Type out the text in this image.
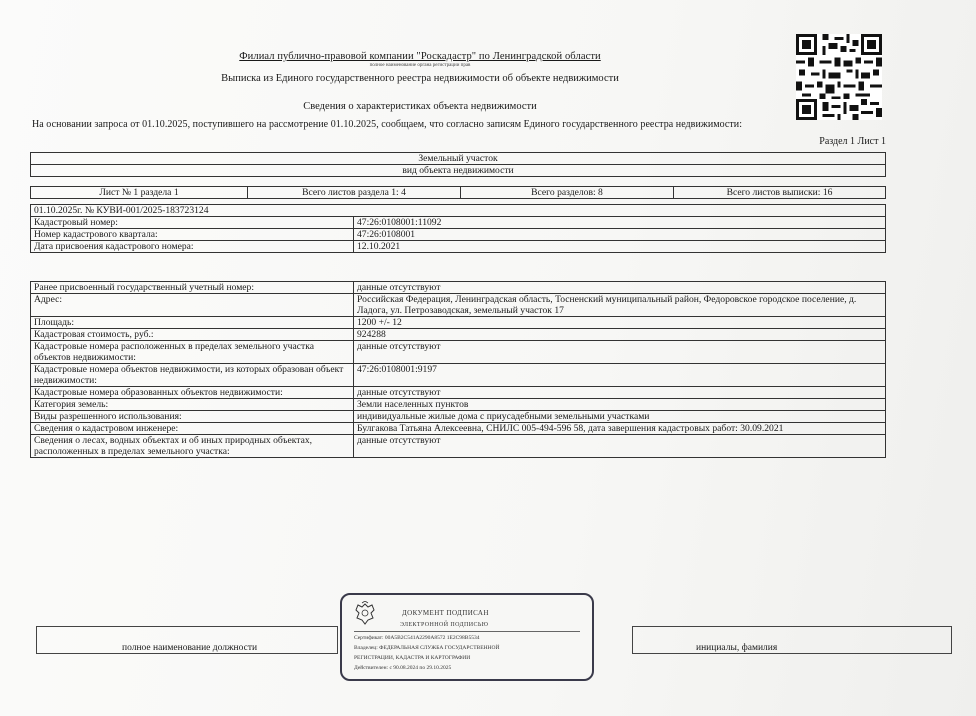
Филиал публично-правовой компании "Роскадастр" по Ленинградской области
полное наименование органа регистрации прав
Выписка из Единого государственного реестра недвижимости об объекте недвижимости
Сведения о характеристиках объекта недвижимости
На основании запроса от 01.10.2025, поступившего на рассмотрение 01.10.2025, сообщаем, что согласно записям Единого государственного реестра недвижимости:
Раздел 1 Лист 1
Земельный участок
вид объекта недвижимости
Лист № 1 раздела 1	Всего листов раздела 1: 4	Всего разделов: 8	Всего листов выписки: 16
01.10.2025г. № КУВИ-001/2025-183723124	
Кадастровый номер:	47:26:0108001:11092
Номер кадастрового квартала:	47:26:0108001
Дата присвоения кадастрового номера:	12.10.2021
Ранее присвоенный государственный учетный номер:	данные отсутствуют
Адрес:	Российская Федерация, Ленинградская область, Тосненский муниципальный район, Федоровское городское поселение, д. Ладога, ул. Петрозаводская, земельный участок 17
Площадь:	1200 +/- 12
Кадастровая стоимость, руб.:	924288
Кадастровые номера расположенных в пределах земельного участка объектов недвижимости:	данные отсутствуют
Кадастровые номера объектов недвижимости, из которых образован объект недвижимости:	47:26:0108001:9197
Кадастровые номера образованных объектов недвижимости:	данные отсутствуют
Категория земель:	Земли населенных пунктов
Виды разрешенного использования:	индивидуальные жилые дома с приусадебными земельными участками
Сведения о кадастровом инженере:	Булгакова Татьяна Алексеевна, СНИЛС 005-494-596 58, дата завершения кадастровых работ: 30.09.2021
Сведения о лесах, водных объектах и об иных природных объектах, расположенных в пределах земельного участка:	данные отсутствуют
полное наименование должности	инициалы, фамилия
ДОКУМЕНТ ПОДПИСАН
ЭЛЕКТРОННОЙ ПОДПИСЬЮ
Сертификат: 00A5B2C541A2290A8572 1E2C98B5534
Владелец: ФЕДЕРАЛЬНАЯ СЛУЖБА ГОСУДАРСТВЕННОЙ
РЕГИСТРАЦИИ, КАДАСТРА И КАРТОГРАФИИ
Действителен: с 90.08.2024 по 29.10.2025
